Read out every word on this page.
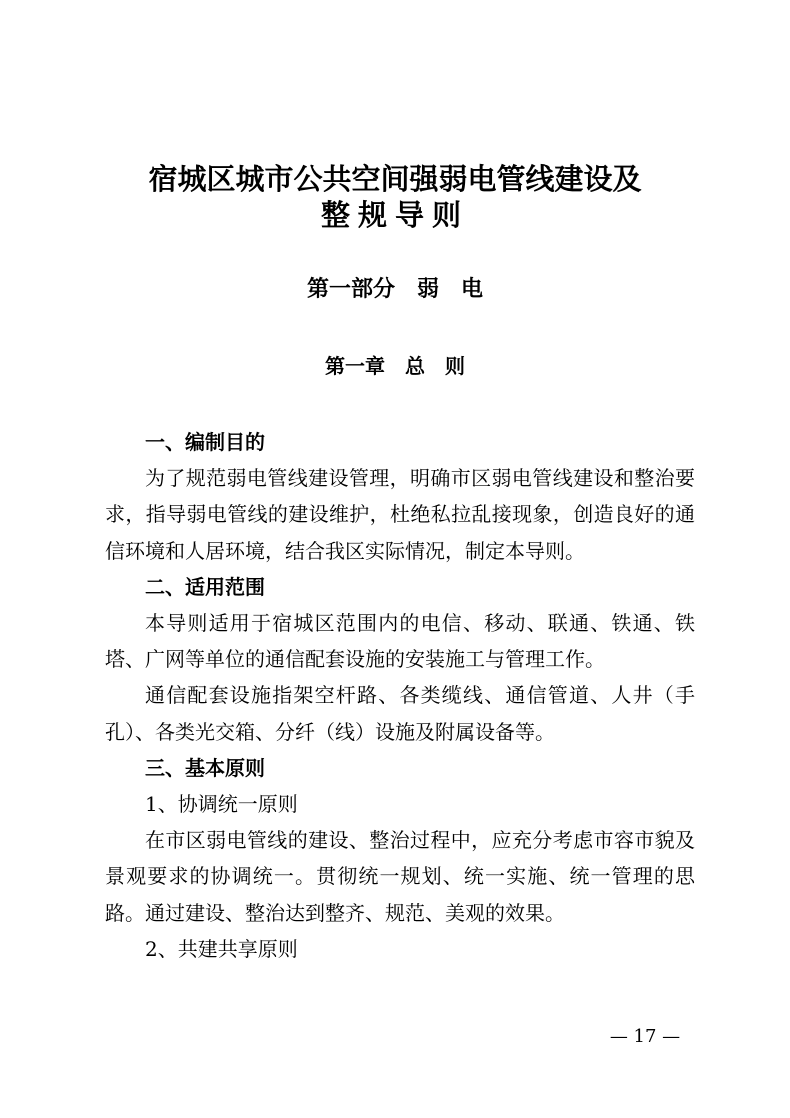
宿城区城市公共空间强弱电管线建设及
整规导则
第一部分　弱　电
第一章　总　则

一、编制目的

为了规范弱电管线建设管理，明确市区弱电管线建设和整治要求，指导弱电管线的建设维护，杜绝私拉乱接现象，创造良好的通信环境和人居环境，结合我区实际情况，制定本导则。

二、适用范围

本导则适用于宿城区范围内的电信、移动、联通、铁通、铁塔、广网等单位的通信配套设施的安装施工与管理工作。

通信配套设施指架空杆路、各类缆线、通信管道、人井（手孔）、各类光交箱、分纤（线）设施及附属设备等。

三、基本原则

1、协调统一原则

在市区弱电管线的建设、整治过程中，应充分考虑市容市貌及景观要求的协调统一。贯彻统一规划、统一实施、统一管理的思路。通过建设、整治达到整齐、规范、美观的效果。

2、共建共享原则

— 17 —
